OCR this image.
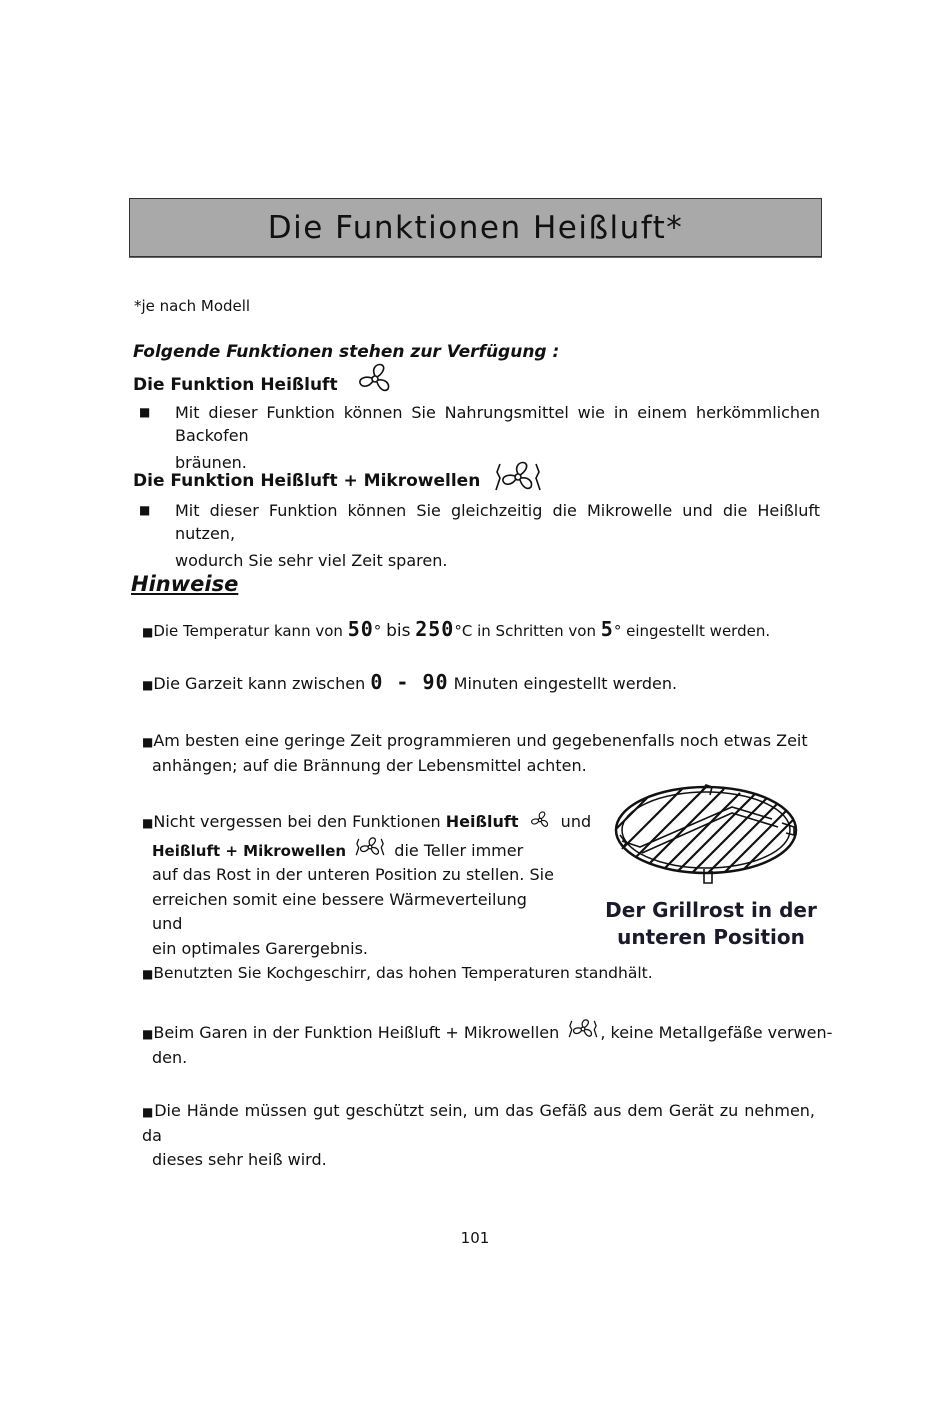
Die Funktionen Heißluft*
*je nach Modell
Folgende Funktionen stehen zur Verfügung :
Die Funktion Heißluft
■ Mit dieser Funktion können Sie Nahrungsmittel wie in einem herkömmlichen Backofen
bräunen.
Die Funktion Heißluft + Mikrowellen
■ Mit dieser Funktion können Sie gleichzeitig die Mikrowelle und die Heißluft nutzen,
wodurch Sie sehr viel Zeit sparen.
Hinweise
■Die Temperatur kann von 50° bis 250°C in Schritten von 5° eingestellt werden.
■Die Garzeit kann zwischen 0 - 90 Minuten eingestellt werden.
■Am besten eine geringe Zeit programmieren und gegebenenfalls noch etwas Zeit
anhängen; auf die Brännung der Lebensmittel achten.
■Nicht vergessen bei den Funktionen Heißluft	und
Heißluft + Mikrowellen	die Teller immer
auf das Rost in der unteren Position zu stellen. Sie
erreichen somit eine bessere Wärmeverteilung und
ein optimales Garergebnis.
Der Grillrost in der
unteren Position
■Benutzten Sie Kochgeschirr, das hohen Temperaturen standhält.
■Beim Garen in der Funktion Heißluft + Mikrowellen	, keine Metallgefäße verwen-
den.
■Die Hände müssen gut geschützt sein, um das Gefäß aus dem Gerät zu nehmen, da
dieses sehr heiß wird.
101
